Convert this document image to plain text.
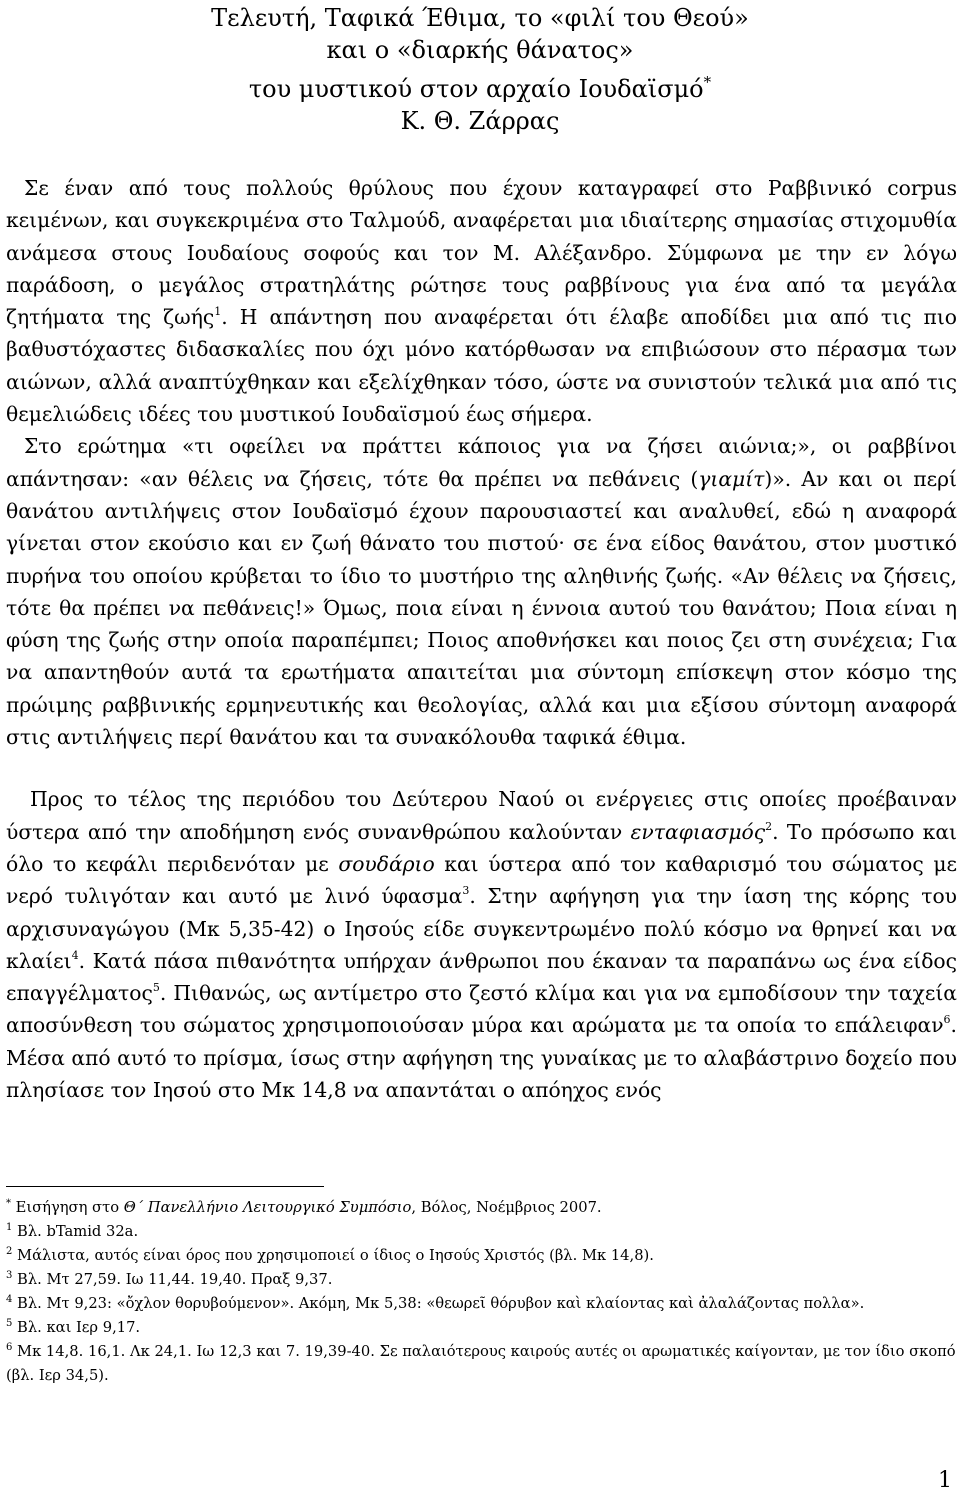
Τελευτή, Ταφικά Έθιμα, το «φιλί του Θεού»
και ο «διαρκής θάνατος»
του μυστικού στον αρχαίο Ιουδαϊσμό*
Κ. Θ. Ζάρρας

Σε έναν από τους πολλούς θρύλους που έχουν καταγραφεί στο Ραββινικό corpus κειμένων, και συγκεκριμένα στο Ταλμούδ, αναφέρεται μια ιδιαίτερης σημασίας στιχομυθία ανάμεσα στους Ιουδαίους σοφούς και τον Μ. Αλέξανδρο. Σύμφωνα με την εν λόγω παράδοση, ο μεγάλος στρατηλάτης ρώτησε τους ραββίνους για ένα από τα μεγάλα ζητήματα της ζωής$^1$. Η απάντηση που αναφέρεται ότι έλαβε αποδίδει μια από τις πιο βαθυστόχαστες διδασκαλίες που όχι μόνο κατόρθωσαν να επιβιώσουν στο πέρασμα των αιώνων, αλλά αναπτύχθηκαν και εξελίχθηκαν τόσο, ώστε να συνιστούν τελικά μια από τις θεμελιώδεις ιδέες του μυστικού Ιουδαϊσμού έως σήμερα.

Στο ερώτημα «τι οφείλει να πράττει κάποιος για να ζήσει αιώνια;», οι ραββίνοι απάντησαν: «αν θέλεις να ζήσεις, τότε θα πρέπει να πεθάνεις (γιαμίτ)». Αν και οι περί θανάτου αντιλήψεις στον Ιουδαϊσμό έχουν παρουσιαστεί και αναλυθεί, εδώ η αναφορά γίνεται στον εκούσιο και εν ζωή θάνατο του πιστού· σε ένα είδος θανάτου, στον μυστικό πυρήνα του οποίου κρύβεται το ίδιο το μυστήριο της αληθινής ζωής. «Αν θέλεις να ζήσεις, τότε θα πρέπει να πεθάνεις!» Όμως, ποια είναι η έννοια αυτού του θανάτου; Ποια είναι η φύση της ζωής στην οποία παραπέμπει; Ποιος αποθνήσκει και ποιος ζει στη συνέχεια; Για να απαντηθούν αυτά τα ερωτήματα απαιτείται μια σύντομη επίσκεψη στον κόσμο της πρώιμης ραββινικής ερμηνευτικής και θεολογίας, αλλά και μια εξίσου σύντομη αναφορά στις αντιλήψεις περί θανάτου και τα συνακόλουθα ταφικά έθιμα.

Προς το τέλος της περιόδου του Δεύτερου Ναού οι ενέργειες στις οποίες προέβαιναν ύστερα από την αποδήμηση ενός συνανθρώπου καλούνταν ενταφιασμός$^2$. Το πρόσωπο και όλο το κεφάλι περιδενόταν με σουδάριο και ύστερα από τον καθαρισμό του σώματος με νερό τυλιγόταν και αυτό με λινό ύφασμα$^3$. Στην αφήγηση για την ίαση της κόρης του αρχισυναγώγου (Μκ 5,35-42) ο Ιησούς είδε συγκεντρωμένο πολύ κόσμο να θρηνεί και να κλαίει$^4$. Κατά πάσα πιθανότητα υπήρχαν άνθρωποι που έκαναν τα παραπάνω ως ένα είδος επαγγέλματος$^5$. Πιθανώς, ως αντίμετρο στο ζεστό κλίμα και για να εμποδίσουν την ταχεία αποσύνθεση του σώματος χρησιμοποιούσαν μύρα και αρώματα με τα οποία το επάλειφαν$^6$. Μέσα από αυτό το πρίσμα, ίσως στην αφήγηση της γυναίκας με το αλαβάστρινο δοχείο που πλησίασε τον Ιησού στο Μκ 14,8 να απαντάται ο απόηχος ενός

* Εισήγηση στο Θ΄ Πανελλήνιο Λειτουργικό Συμπόσιο, Βόλος, Νοέμβριος 2007.
$^1$ Βλ. bTamid 32a.
$^2$ Μάλιστα, αυτός είναι όρος που χρησιμοποιεί ο ίδιος ο Ιησούς Χριστός (βλ. Μκ 14,8).
$^3$ Βλ. Μτ 27,59. Ιω 11,44. 19,40. Πραξ 9,37.
$^4$ Βλ. Μτ 9,23: «ὄχλον θορυβούμενον». Ακόμη, Μκ 5,38: «θεωρεῖ θόρυβον καὶ κλαίοντας καὶ ἀλαλάζοντας πολλα».
$^5$ Βλ. και Ιερ 9,17.
$^6$ Μκ 14,8. 16,1. Λκ 24,1. Ιω 12,3 και 7. 19,39-40. Σε παλαιότερους καιρούς αυτές οι αρωματικές καίγονταν, με τον ίδιο σκοπό (βλ. Ιερ 34,5).
1
